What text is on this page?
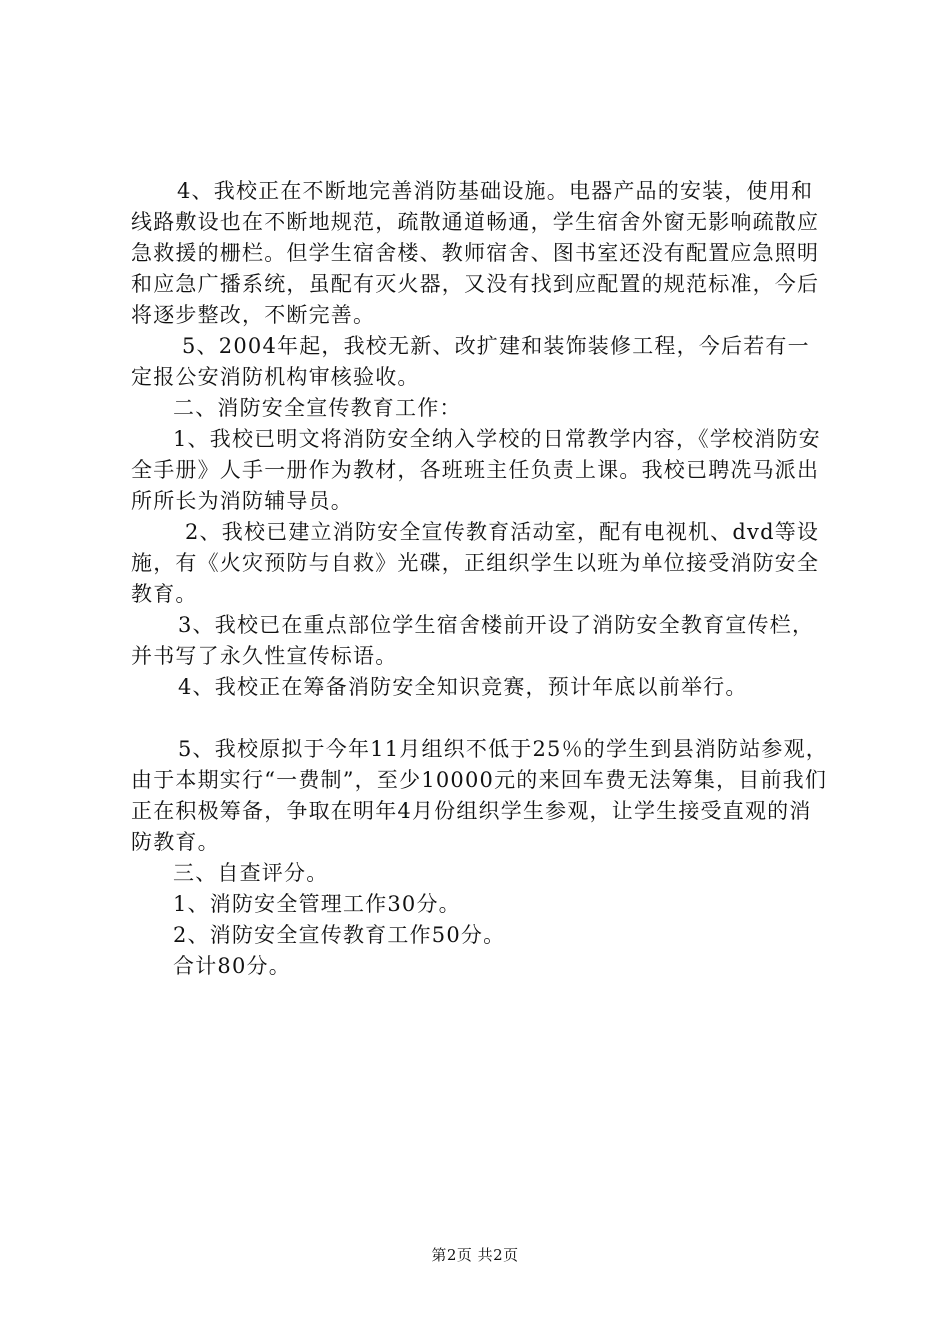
4、我校正在不断地完善消防基础设施。电器产品的安装，使用和线路敷设也在不断地规范，疏散通道畅通，学生宿舍外窗无影响疏散应急救援的栅栏。但学生宿舍楼、教师宿舍、图书室还没有配置应急照明和应急广播系统，虽配有灭火器，又没有找到应配置的规范标准，今后将逐步整改，不断完善。

5、2004年起，我校无新、改扩建和装饰装修工程，今后若有一定报公安消防机构审核验收。

二、消防安全宣传教育工作：

1、我校已明文将消防安全纳入学校的日常教学内容，《学校消防安全手册》人手一册作为教材，各班班主任负责上课。我校已聘冼马派出所所长为消防辅导员。

2、我校已建立消防安全宣传教育活动室，配有电视机、dvd等设施，有《火灾预防与自救》光碟，正组织学生以班为单位接受消防安全教育。

3、我校已在重点部位学生宿舍楼前开设了消防安全教育宣传栏，并书写了永久性宣传标语。

4、我校正在筹备消防安全知识竞赛，预计年底以前举行。

5、我校原拟于今年11月组织不低于25％的学生到县消防站参观，由于本期实行“一费制”，至少10000元的来回车费无法筹集，目前我们正在积极筹备，争取在明年4月份组织学生参观，让学生接受直观的消防教育。

三、自查评分。

1、消防安全管理工作30分。

2、消防安全宣传教育工作50分。

合计80分。

第2页 共2页
